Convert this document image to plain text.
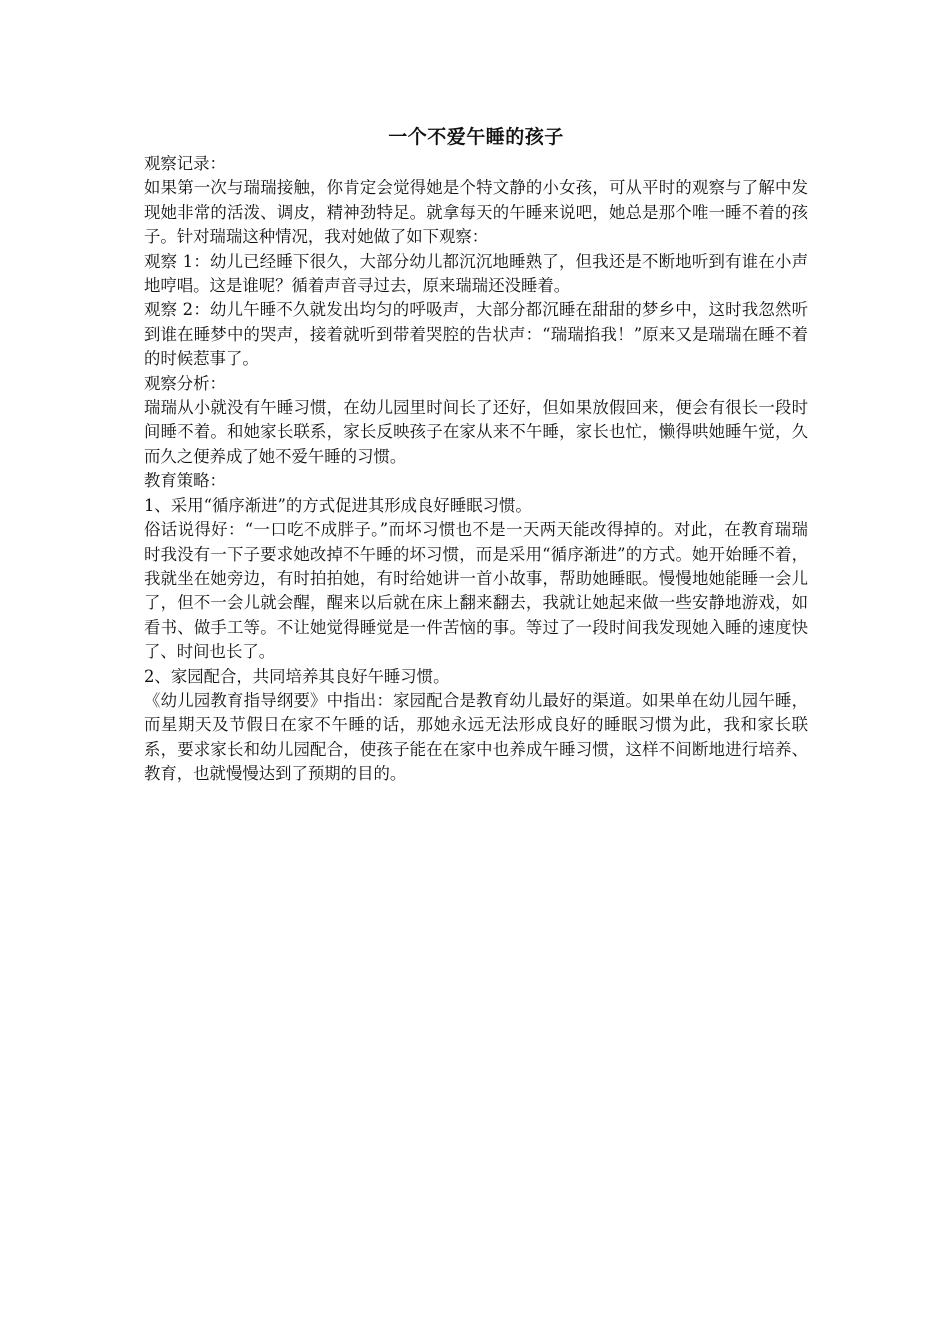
一个不爱午睡的孩子

观察记录：

如果第一次与瑞瑞接触，你肯定会觉得她是个特文静的小女孩，可从平时的观察与了解中发现她非常的活泼、调皮，精神劲特足。就拿每天的午睡来说吧，她总是那个唯一睡不着的孩子。针对瑞瑞这种情况，我对她做了如下观察：

观察 1：幼儿已经睡下很久，大部分幼儿都沉沉地睡熟了，但我还是不断地听到有谁在小声地哼唱。这是谁呢？循着声音寻过去，原来瑞瑞还没睡着。

观察 2：幼儿午睡不久就发出均匀的呼吸声，大部分都沉睡在甜甜的梦乡中，这时我忽然听到谁在睡梦中的哭声，接着就听到带着哭腔的告状声：“瑞瑞掐我！”原来又是瑞瑞在睡不着的时候惹事了。

观察分析：

瑞瑞从小就没有午睡习惯，在幼儿园里时间长了还好，但如果放假回来，便会有很长一段时间睡不着。和她家长联系，家长反映孩子在家从来不午睡，家长也忙，懒得哄她睡午觉，久而久之便养成了她不爱午睡的习惯。

教育策略：

1、采用“循序渐进”的方式促进其形成良好睡眠习惯。

俗话说得好：“一口吃不成胖子。”而坏习惯也不是一天两天能改得掉的。对此，在教育瑞瑞时我没有一下子要求她改掉不午睡的坏习惯，而是采用“循序渐进”的方式。她开始睡不着，我就坐在她旁边，有时拍拍她，有时给她讲一首小故事，帮助她睡眠。慢慢地她能睡一会儿了，但不一会儿就会醒，醒来以后就在床上翻来翻去，我就让她起来做一些安静地游戏，如看书、做手工等。不让她觉得睡觉是一件苦恼的事。等过了一段时间我发现她入睡的速度快了、时间也长了。

2、家园配合，共同培养其良好午睡习惯。

《幼儿园教育指导纲要》中指出：家园配合是教育幼儿最好的渠道。如果单在幼儿园午睡，而星期天及节假日在家不午睡的话，那她永远无法形成良好的睡眠习惯为此，我和家长联系，要求家长和幼儿园配合，使孩子能在在家中也养成午睡习惯，这样不间断地进行培养、教育，也就慢慢达到了预期的目的。
